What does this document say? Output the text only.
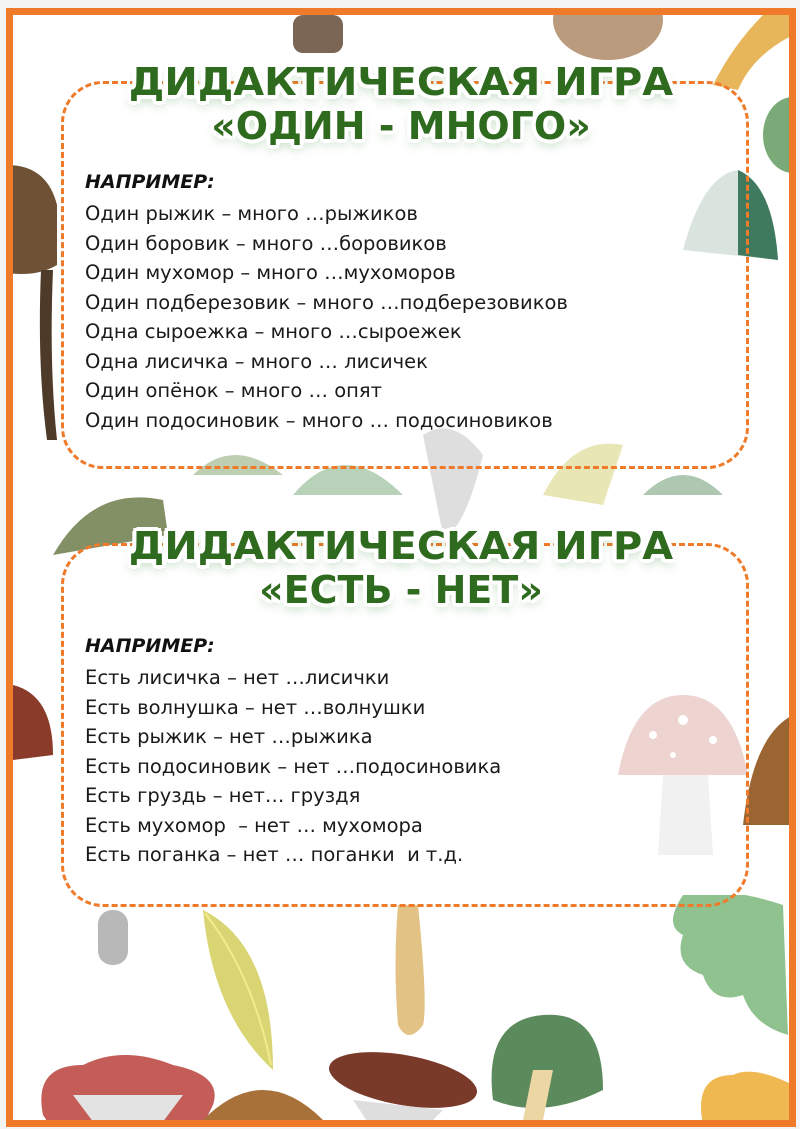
ДИДАКТИЧЕСКАЯ ИГРА
«ОДИН - МНОГО»
НАПРИМЕР:
Один рыжик – много …рыжиков
Один боровик – много …боровиков
Один мухомор – много …мухоморов
Один подберезовик – много …подберезовиков
Одна сыроежка – много …сыроежек
Одна лисичка – много … лисичек
Один опёнок – много … опят
Один подосиновик – много … подосиновиков
ДИДАКТИЧЕСКАЯ ИГРА
«ЕСТЬ - НЕТ»
НАПРИМЕР:
Есть лисичка – нет …лисички
Есть волнушка – нет …волнушки
Есть рыжик – нет …рыжика
Есть подосиновик – нет …подосиновика
Есть груздь – нет… груздя
Есть мухомор  – нет … мухомора
Есть поганка – нет … поганки  и т.д.
